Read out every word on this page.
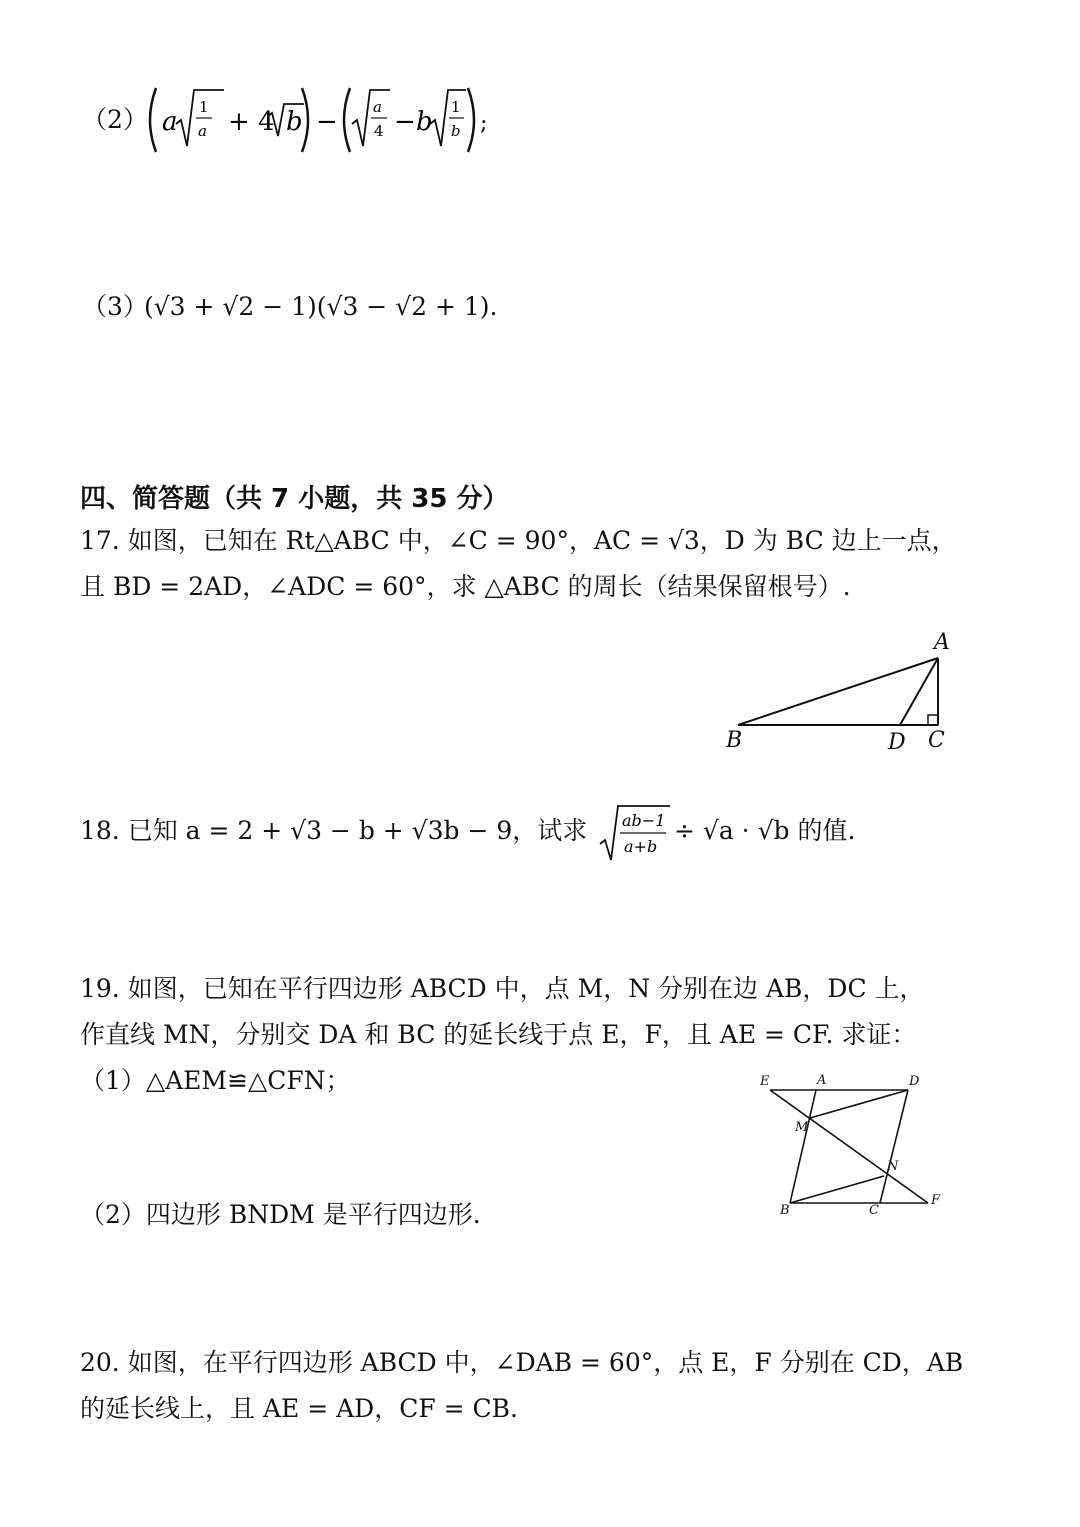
（2） a 1
a + 4 b − a
4 − b 1
b ;
（3）
(√3 + √2 − 1)(√3 − √2 + 1).
四、简答题（共 7 小题，共 35 分）
17. 如图，已知在 Rt△ABC 中，∠C = 90°，AC = √3，D 为 BC 边上一点，
且 BD = 2AD，∠ADC = 60°，求 △ABC 的周长（结果保留根号）.
A
B	D C
18. 已知 a = 2 + √3 − b + √3b − 9，试求 ab−1
a+b
÷ √a · √b 的值.
19. 如图，已知在平行四边形 ABCD 中，点 M，N 分别在边 AB，DC 上，
作直线 MN，分别交 DA 和 BC 的延长线于点 E，F，且 AE = CF. 求证：
（1）△AEM≌△CFN；
（2）四边形 BNDM 是平行四边形.
E	A	D
M
N
B	C
F
20. 如图，在平行四边形 ABCD 中，∠DAB = 60°，点 E，F 分别在 CD，AB
的延长线上，且 AE = AD，CF = CB.
